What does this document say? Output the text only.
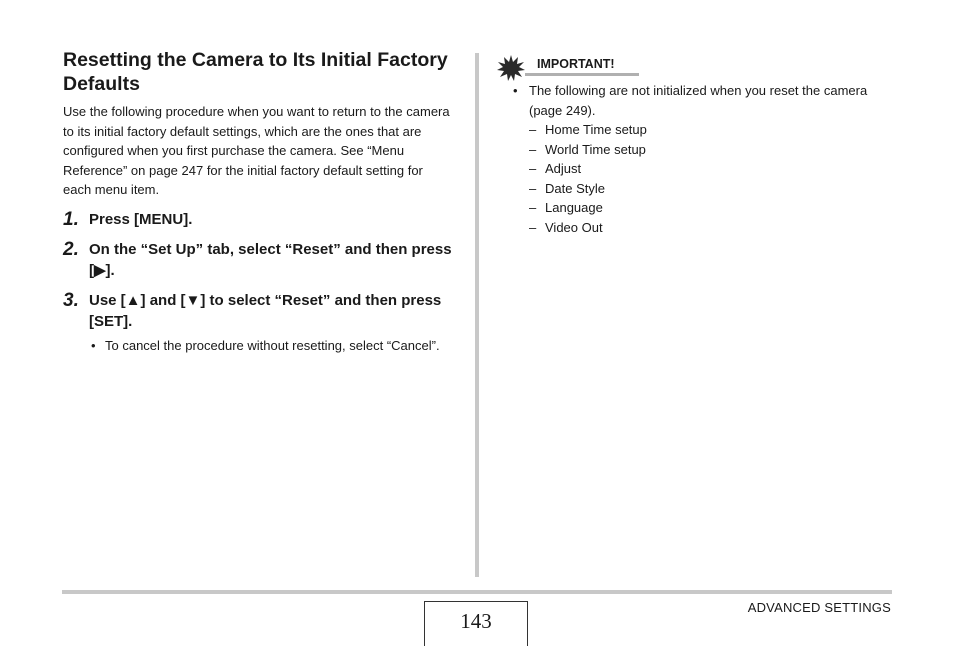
Resetting the Camera to Its Initial Factory Defaults

Use the following procedure when you want to return to the camera to its initial factory default settings, which are the ones that are configured when you first purchase the camera. See “Menu Reference” on page 247 for the initial factory default setting for each menu item.

1. Press [MENU].
2. On the “Set Up” tab, select “Reset” and then press [▶].
3. Use [▲] and [▼] to select “Reset” and then press [SET].
• To cancel the procedure without resetting, select “Cancel”.
IMPORTANT!
• The following are not initialized when you reset the camera (page 249).
– Home Time setup
– World Time setup
– Adjust
– Date Style
– Language
– Video Out
143
ADVANCED SETTINGS
